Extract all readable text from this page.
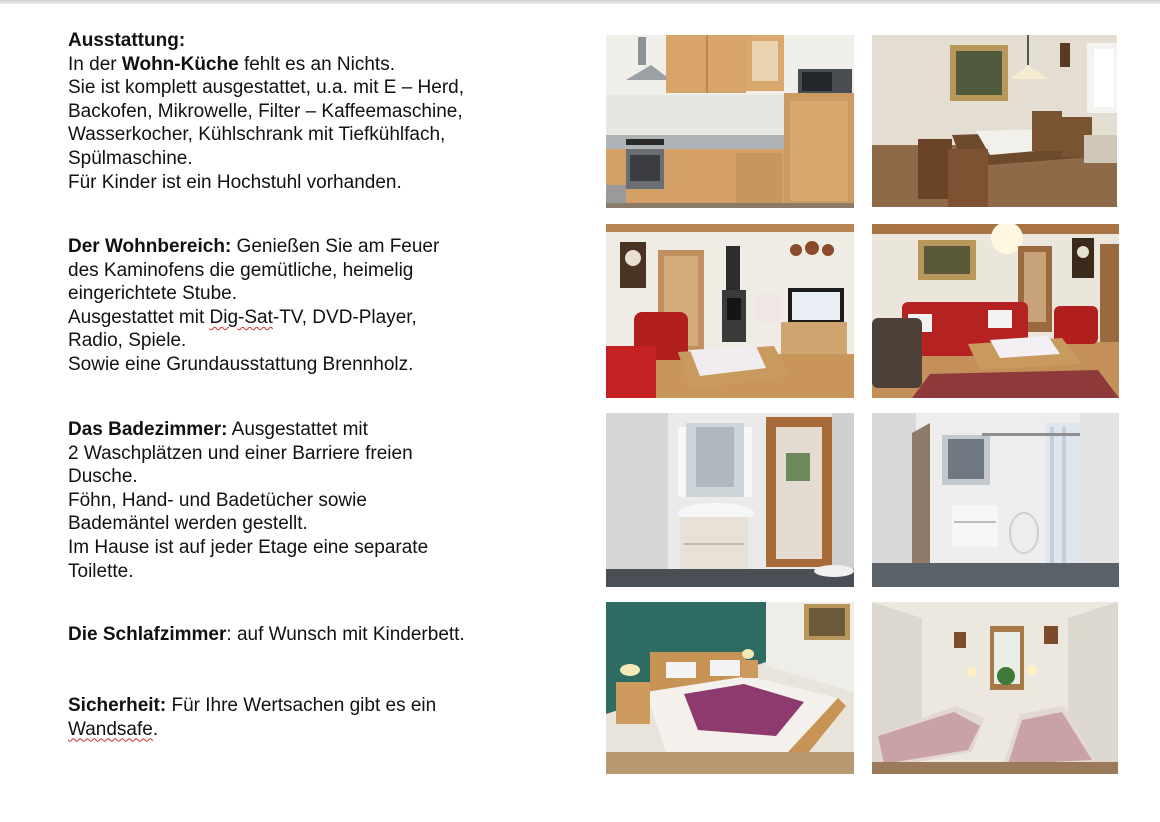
Ausstattung:

In der Wohn-Küche fehlt es an Nichts.

Sie ist komplett ausgestattet, u.a. mit E – Herd,

Backofen, Mikrowelle, Filter – Kaffeemaschine,

Wasserkocher, Kühlschrank mit Tiefkühlfach,

Spülmaschine.

Für Kinder ist ein Hochstuhl vorhanden.

Der Wohnbereich: Genießen Sie am Feuer

des Kaminofens die gemütliche, heimelig

eingerichtete Stube.

Ausgestattet mit Dig-Sat-TV, DVD-Player,

Radio, Spiele.

Sowie eine Grundausstattung Brennholz.

Das Badezimmer: Ausgestattet mit

2 Waschplätzen und einer Barriere freien

Dusche.

Föhn, Hand- und Badetücher sowie

Bademäntel werden gestellt.

Im Hause ist auf jeder Etage eine separate

Toilette.

Die Schlafzimmer: auf Wunsch mit Kinderbett.

Sicherheit: Für Ihre Wertsachen gibt es ein

Wandsafe.
